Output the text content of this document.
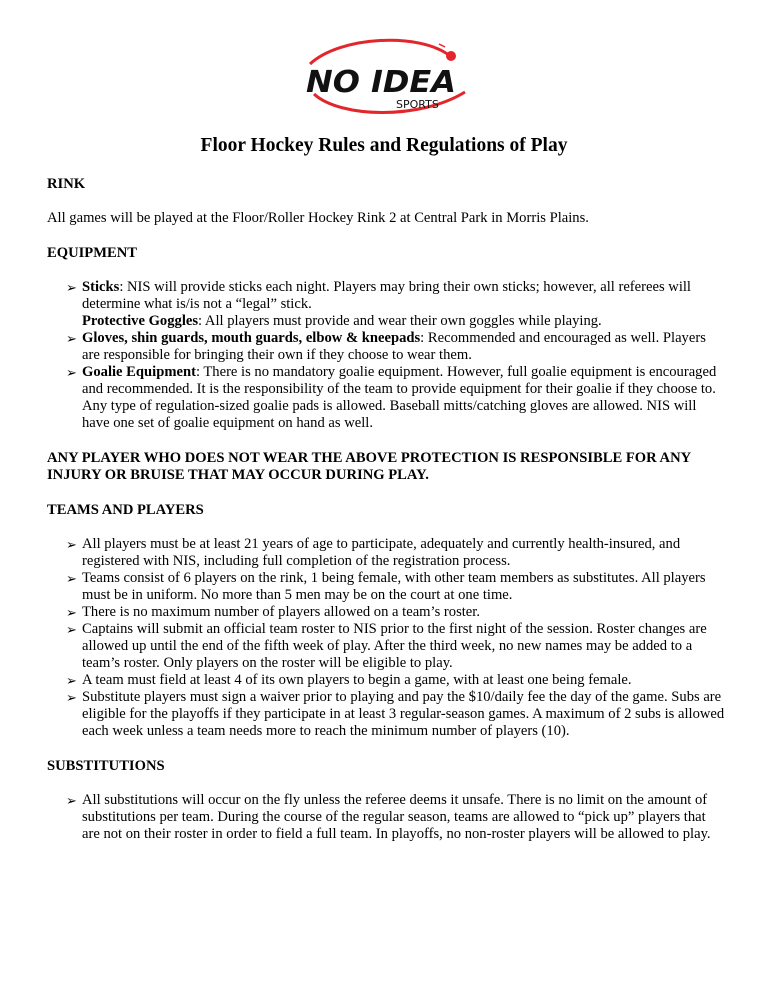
NO IDEA
SPORTS
Floor Hockey Rules and Regulations of Play
RINK

All games will be played at the Floor/Roller Hockey Rink 2 at Central Park in Morris Plains.

EQUIPMENT
➢ Sticks: NIS will provide sticks each night. Players may bring their own sticks; however, all referees will determine what is/is not a “legal” stick.
Protective Goggles: All players must provide and wear their own goggles while playing.
➢ Gloves, shin guards, mouth guards, elbow & kneepads: Recommended and encouraged as well. Players are responsible for bringing their own if they choose to wear them.
➢ Goalie Equipment: There is no mandatory goalie equipment. However, full goalie equipment is encouraged and recommended. It is the responsibility of the team to provide equipment for their goalie if they choose to. Any type of regulation-sized goalie pads is allowed. Baseball mitts/catching gloves are allowed. NIS will have one set of goalie equipment on hand as well.

ANY PLAYER WHO DOES NOT WEAR THE ABOVE PROTECTION IS RESPONSIBLE FOR ANY INJURY OR BRUISE THAT MAY OCCUR DURING PLAY.

TEAMS AND PLAYERS
➢ All players must be at least 21 years of age to participate, adequately and currently health-insured, and registered with NIS, including full completion of the registration process.
➢ Teams consist of 6 players on the rink, 1 being female, with other team members as substitutes. All players must be in uniform. No more than 5 men may be on the court at one time.
➢ There is no maximum number of players allowed on a team’s roster.
➢ Captains will submit an official team roster to NIS prior to the first night of the session. Roster changes are allowed up until the end of the fifth week of play. After the third week, no new names may be added to a team’s roster. Only players on the roster will be eligible to play.
➢ A team must field at least 4 of its own players to begin a game, with at least one being female.
➢ Substitute players must sign a waiver prior to playing and pay the $10/daily fee the day of the game. Subs are eligible for the playoffs if they participate in at least 3 regular-season games. A maximum of 2 subs is allowed each week unless a team needs more to reach the minimum number of players (10).
SUBSTITUTIONS
➢ All substitutions will occur on the fly unless the referee deems it unsafe. There is no limit on the amount of substitutions per team. During the course of the regular season, teams are allowed to “pick up” players that are not on their roster in order to field a full team. In playoffs, no non-roster players will be allowed to play.
